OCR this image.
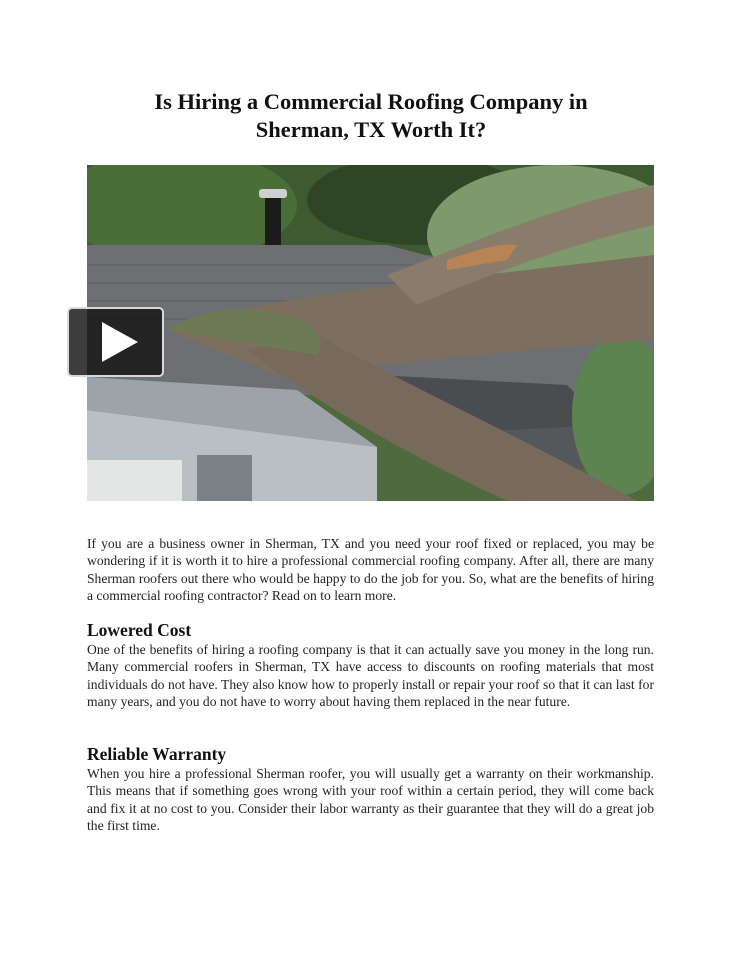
Is Hiring a Commercial Roofing Company in
Sherman, TX Worth It?
If you are a business owner in Sherman, TX and you need your roof fixed or replaced, you may be wondering if it is worth it to hire a professional commercial roofing company. After all, there are many Sherman roofers out there who would be happy to do the job for you. So, what are the benefits of hiring a commercial roofing contractor? Read on to learn more.
Lowered Cost
One of the benefits of hiring a roofing company is that it can actually save you money in the long run. Many commercial roofers in Sherman, TX have access to discounts on roofing materials that most individuals do not have. They also know how to properly install or repair your roof so that it can last for many years, and you do not have to worry about having them replaced in the near future.
Reliable Warranty
When you hire a professional Sherman roofer, you will usually get a warranty on their workmanship. This means that if something goes wrong with your roof within a certain period, they will come back and fix it at no cost to you. Consider their labor warranty as their guarantee that they will do a great job the first time.
